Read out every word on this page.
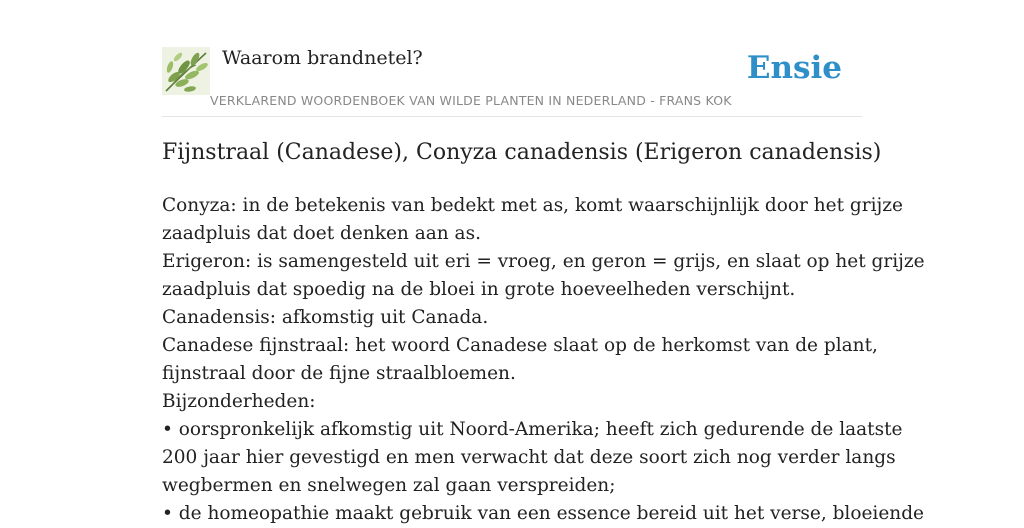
Waarom brandnetel?
VERKLAREND WOORDENBOEK VAN WILDE PLANTEN IN NEDERLAND - FRANS KOK
Ensie
Fijnstraal (Canadese), Conyza canadensis (Erigeron canadensis)
Conyza: in de betekenis van bedekt met as, komt waarschijnlijk door het grijze
zaadpluis dat doet denken aan as.
Erigeron: is samengesteld uit eri = vroeg, en geron = grijs, en slaat op het grijze
zaadpluis dat spoedig na de bloei in grote hoeveelheden verschijnt.
Canadensis: afkomstig uit Canada.
Canadese fijnstraal: het woord Canadese slaat op de herkomst van de plant,
fijnstraal door de fijne straalbloemen.
Bijzonderheden:
• oorspronkelijk afkomstig uit Noord-Amerika; heeft zich gedurende de laatste
200 jaar hier gevestigd en men verwacht dat deze soort zich nog verder langs
wegbermen en snelwegen zal gaan verspreiden;
• de homeopathie maakt gebruik van een essence bereid uit het verse, bloeiende
